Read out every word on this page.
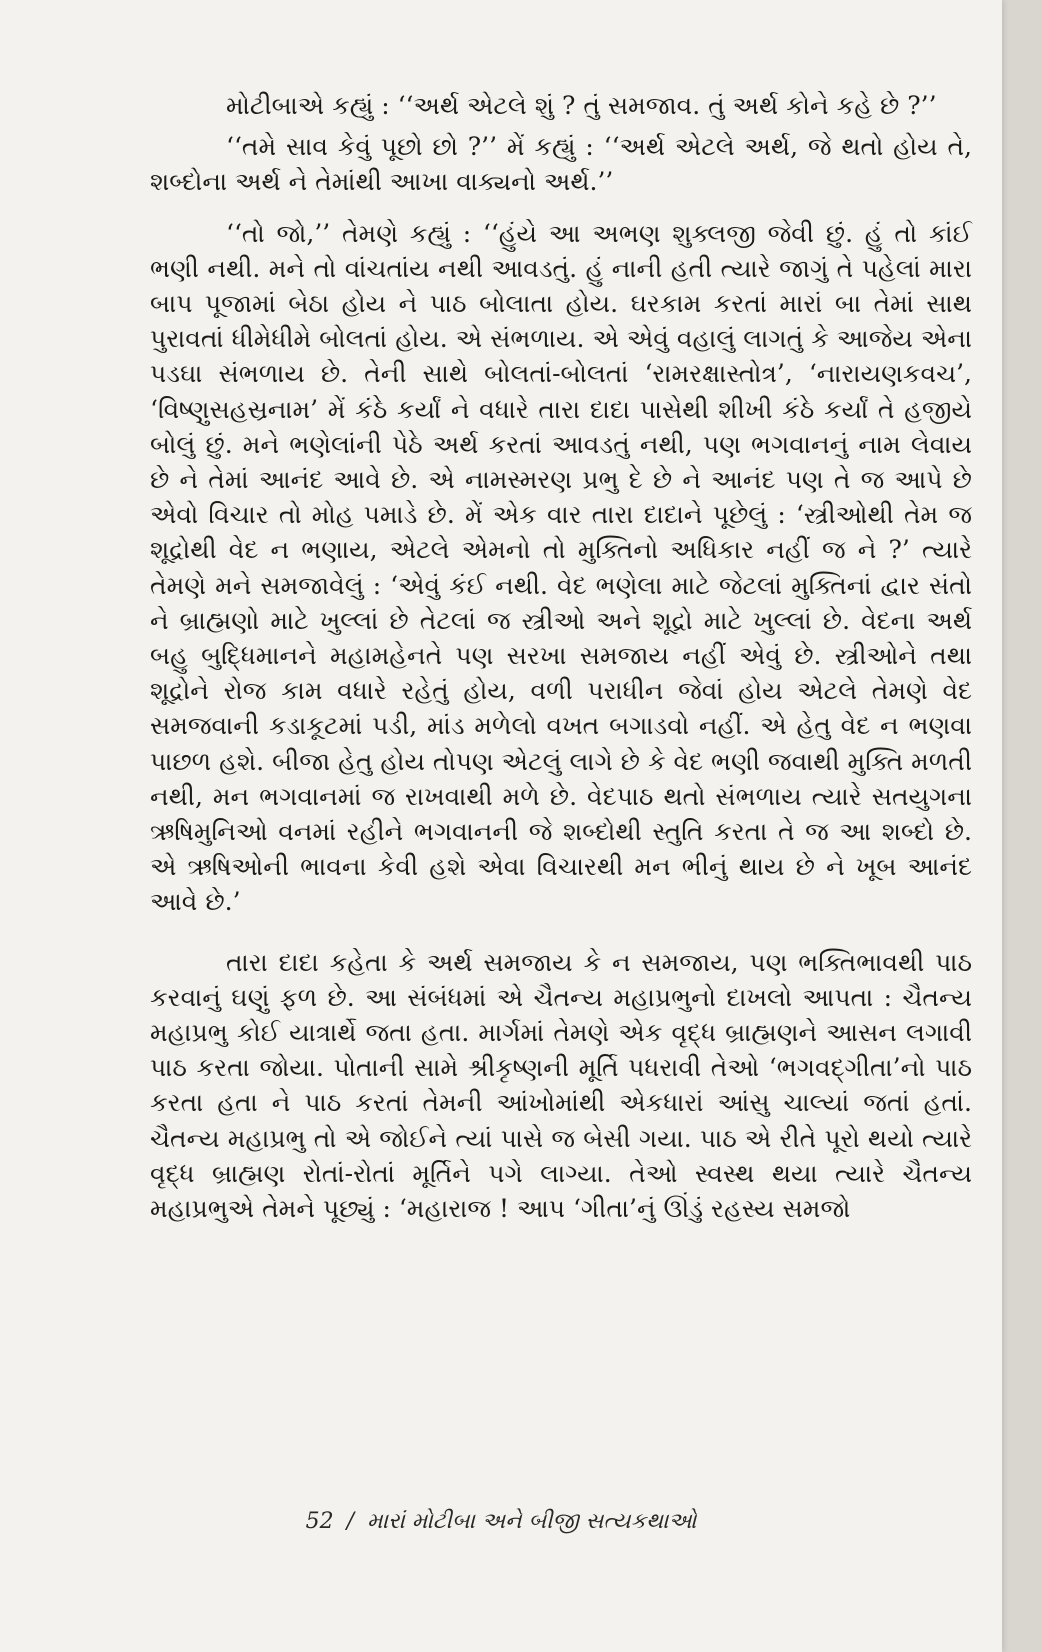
મોટીબાએ કહ્યું : ‘‘અર્થ એટલે શું ? તું સમજાવ. તું અર્થ કોને કહે છે ?’’

‘‘તમે સાવ કેવું પૂછો છો ?’’ મેં કહ્યું : ‘‘અર્થ એટલે અર્થ, જે થતો હોય તે, શબ્દોના અર્થ ને તેમાંથી આખા વાક્યનો અર્થ.’’

‘‘તો જો,’’ તેમણે કહ્યું : ‘‘હુંયે આ અભણ શુક્લજી જેવી છું. હું તો કાંઈ ભણી નથી. મને તો વાંચતાંય નથી આવડતું. હું નાની હતી ત્યારે જાગું તે પહેલાં મારા બાપ પૂજામાં બેઠા હોય ને પાઠ બોલાતા હોય. ઘરકામ કરતાં મારાં બા તેમાં સાથ પુરાવતાં ધીમેધીમે બોલતાં હોય. એ સંભળાય. એ એવું વહાલું લાગતું કે આજેય એના પડઘા સંભળાય છે. તેની સાથે બોલતાં-બોલતાં ‘રામરક્ષાસ્તોત્ર’, ‘નારાયણકવચ’, ‘વિષ્ણુસહસ્રનામ’ મેં કંઠે કર્યાં ને વધારે તારા દાદા પાસેથી શીખી કંઠે કર્યાં તે હજીયે બોલું છું. મને ભણેલાંની પેઠે અર્થ કરતાં આવડતું નથી, પણ ભગવાનનું નામ લેવાય છે ને તેમાં આનંદ આવે છે. એ નામસ્મરણ પ્રભુ દે છે ને આનંદ પણ તે જ આપે છે એવો વિચાર તો મોહ પમાડે છે. મેં એક વાર તારા દાદાને પૂછેલું : ‘સ્ત્રીઓથી તેમ જ શૂદ્રોથી વેદ ન ભણાય, એટલે એમનો તો મુક્તિનો અધિકાર નહીં જ ને ?’ ત્યારે તેમણે મને સમજાવેલું : ‘એવું કંઈ નથી. વેદ ભણેલા માટે જેટલાં મુક્તિનાં દ્વાર સંતો ને બ્રાહ્મણો માટે ખુલ્લાં છે તેટલાં જ સ્ત્રીઓ અને શૂદ્રો માટે ખુલ્લાં છે. વેદના અર્થ બહુ બુદ્ધિમાનને મહામહેનતે પણ સરખા સમજાય નહીં એવું છે. સ્ત્રીઓને તથા શૂદ્રોને રોજ કામ વધારે રહેતું હોય, વળી પરાધીન જેવાં હોય એટલે તેમણે વેદ સમજવાની કડાકૂટમાં પડી, માંડ મળેલો વખત બગાડવો નહીં. એ હેતુ વેદ ન ભણવા પાછળ હશે. બીજા હેતુ હોય તોપણ એટલું લાગે છે કે વેદ ભણી જવાથી મુક્તિ મળતી નથી, મન ભગવાનમાં જ રાખવાથી મળે છે. વેદપાઠ થતો સંભળાય ત્યારે સતયુગના ઋષિમુનિઓ વનમાં રહીને ભગવાનની જે શબ્દોથી સ્તુતિ કરતા તે જ આ શબ્દો છે. એ ઋષિઓની ભાવના કેવી હશે એવા વિચારથી મન ભીનું થાય છે ને ખૂબ આનંદ આવે છે.’

તારા દાદા કહેતા કે અર્થ સમજાય કે ન સમજાય, પણ ભક્તિભાવથી પાઠ કરવાનું ઘણું ફળ છે. આ સંબંધમાં એ ચૈતન્ય મહાપ્રભુનો દાખલો આપતા : ચૈતન્ય મહાપ્રભુ કોઈ યાત્રાર્થે જતા હતા. માર્ગમાં તેમણે એક વૃદ્ધ બ્રાહ્મણને આસન લગાવી પાઠ કરતા જોયા. પોતાની સામે શ્રીકૃષ્ણની મૂર્તિ પધરાવી તેઓ ‘ભગવદ્‌ગીતા’નો પાઠ કરતા હતા ને પાઠ કરતાં તેમની આંખોમાંથી એકધારાં આંસુ ચાલ્યાં જતાં હતાં. ચૈતન્ય મહાપ્રભુ તો એ જોઈને ત્યાં પાસે જ બેસી ગયા. પાઠ એ રીતે પૂરો થયો ત્યારે વૃદ્ધ બ્રાહ્મણ રોતાં-રોતાં મૂર્તિને પગે લાગ્યા. તેઓ સ્વસ્થ થયા ત્યારે ચૈતન્ય મહાપ્રભુએ તેમને પૂછ્યું : ‘મહારાજ ! આપ ‘ગીતા’નું ઊંડું રહસ્ય સમજો

52 / મારાં મોટીબા અને બીજી સત્યકથાઓ
